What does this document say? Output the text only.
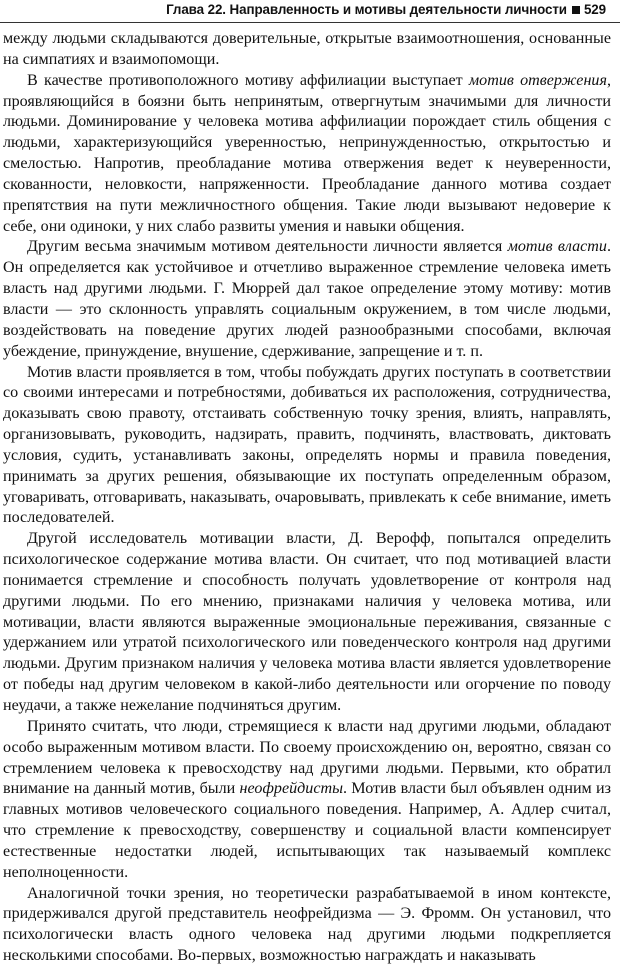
Глава 22. Направленность и мотивы деятельности личности 529

между людьми складываются доверительные, открытые взаимоотношения, основанные на симпатиях и взаимопомощи.

В качестве противоположного мотиву аффилиации выступает мотив отвержения, проявляющийся в боязни быть непринятым, отвергнутым значимыми для личности людьми. Доминирование у человека мотива аффилиации порождает стиль общения с людьми, характеризующийся уверенностью, непринужденностью, открытостью и смелостью. Напротив, преобладание мотива отвержения ведет к неуверенности, скованности, неловкости, напряженности. Преобладание данного мотива создает препятствия на пути межличностного общения. Такие люди вызывают недоверие к себе, они одиноки, у них слабо развиты умения и навыки общения.

Другим весьма значимым мотивом деятельности личности является мотив власти. Он определяется как устойчивое и отчетливо выраженное стремление человека иметь власть над другими людьми. Г. Мюррей дал такое определение этому мотиву: мотив власти — это склонность управлять социальным окружением, в том числе людьми, воздействовать на поведение других людей разнообразными способами, включая убеждение, принуждение, внушение, сдерживание, запрещение и т. п.

Мотив власти проявляется в том, чтобы побуждать других поступать в соответствии со своими интересами и потребностями, добиваться их расположения, сотрудничества, доказывать свою правоту, отстаивать собственную точку зрения, влиять, направлять, организовывать, руководить, надзирать, править, подчинять, властвовать, диктовать условия, судить, устанавливать законы, определять нормы и правила поведения, принимать за других решения, обязывающие их поступать определенным образом, уговаривать, отговаривать, наказывать, очаровывать, привлекать к себе внимание, иметь последователей.

Другой исследователь мотивации власти, Д. Верофф, попытался определить психологическое содержание мотива власти. Он считает, что под мотивацией власти понимается стремление и способность получать удовлетворение от контроля над другими людьми. По его мнению, признаками наличия у человека мотива, или мотивации, власти являются выраженные эмоциональные переживания, связанные с удержанием или утратой психологического или поведенческого контроля над другими людьми. Другим признаком наличия у человека мотива власти является удовлетворение от победы над другим человеком в какой-либо деятельности или огорчение по поводу неудачи, а также нежелание подчиняться другим.

Принято считать, что люди, стремящиеся к власти над другими людьми, обладают особо выраженным мотивом власти. По своему происхождению он, вероятно, связан со стремлением человека к превосходству над другими людьми. Первыми, кто обратил внимание на данный мотив, были неофрейдисты. Мотив власти был объявлен одним из главных мотивов человеческого социального поведения. Например, А. Адлер считал, что стремление к превосходству, совершенству и социальной власти компенсирует естественные недостатки людей, испытывающих так называемый комплекс неполноценности.

Аналогичной точки зрения, но теоретически разрабатываемой в ином контексте, придерживался другой представитель неофрейдизма — Э. Фромм. Он установил, что психологически власть одного человека над другими людьми подкрепляется несколькими способами. Во-первых, возможностью награждать и наказывать
